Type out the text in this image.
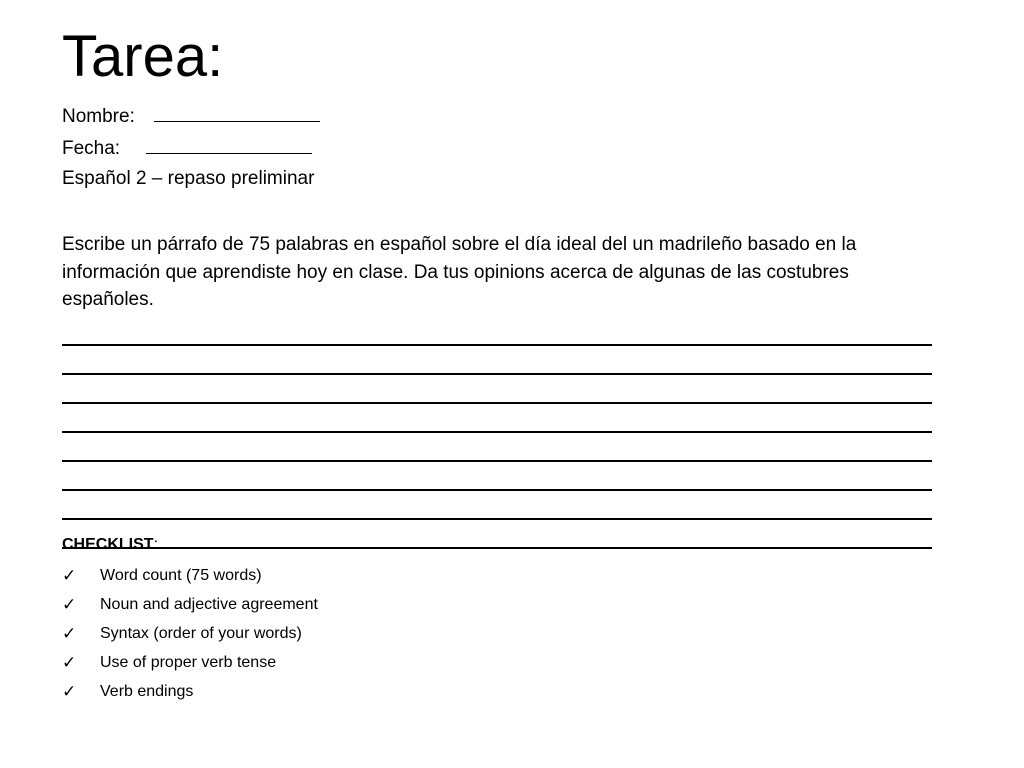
Tarea:
Nombre:
Fecha:
Español 2 – repaso preliminar
Escribe un párrafo de 75 palabras en español sobre el día ideal del un madrileño basado en la información que aprendiste hoy en clase. Da tus opinions acerca de algunas de las costubres españoles.
CHECKLIST:
✓	Word count (75 words)
✓	Noun and adjective agreement
✓	Syntax (order of your words)
✓	Use of proper verb tense
✓	Verb endings
